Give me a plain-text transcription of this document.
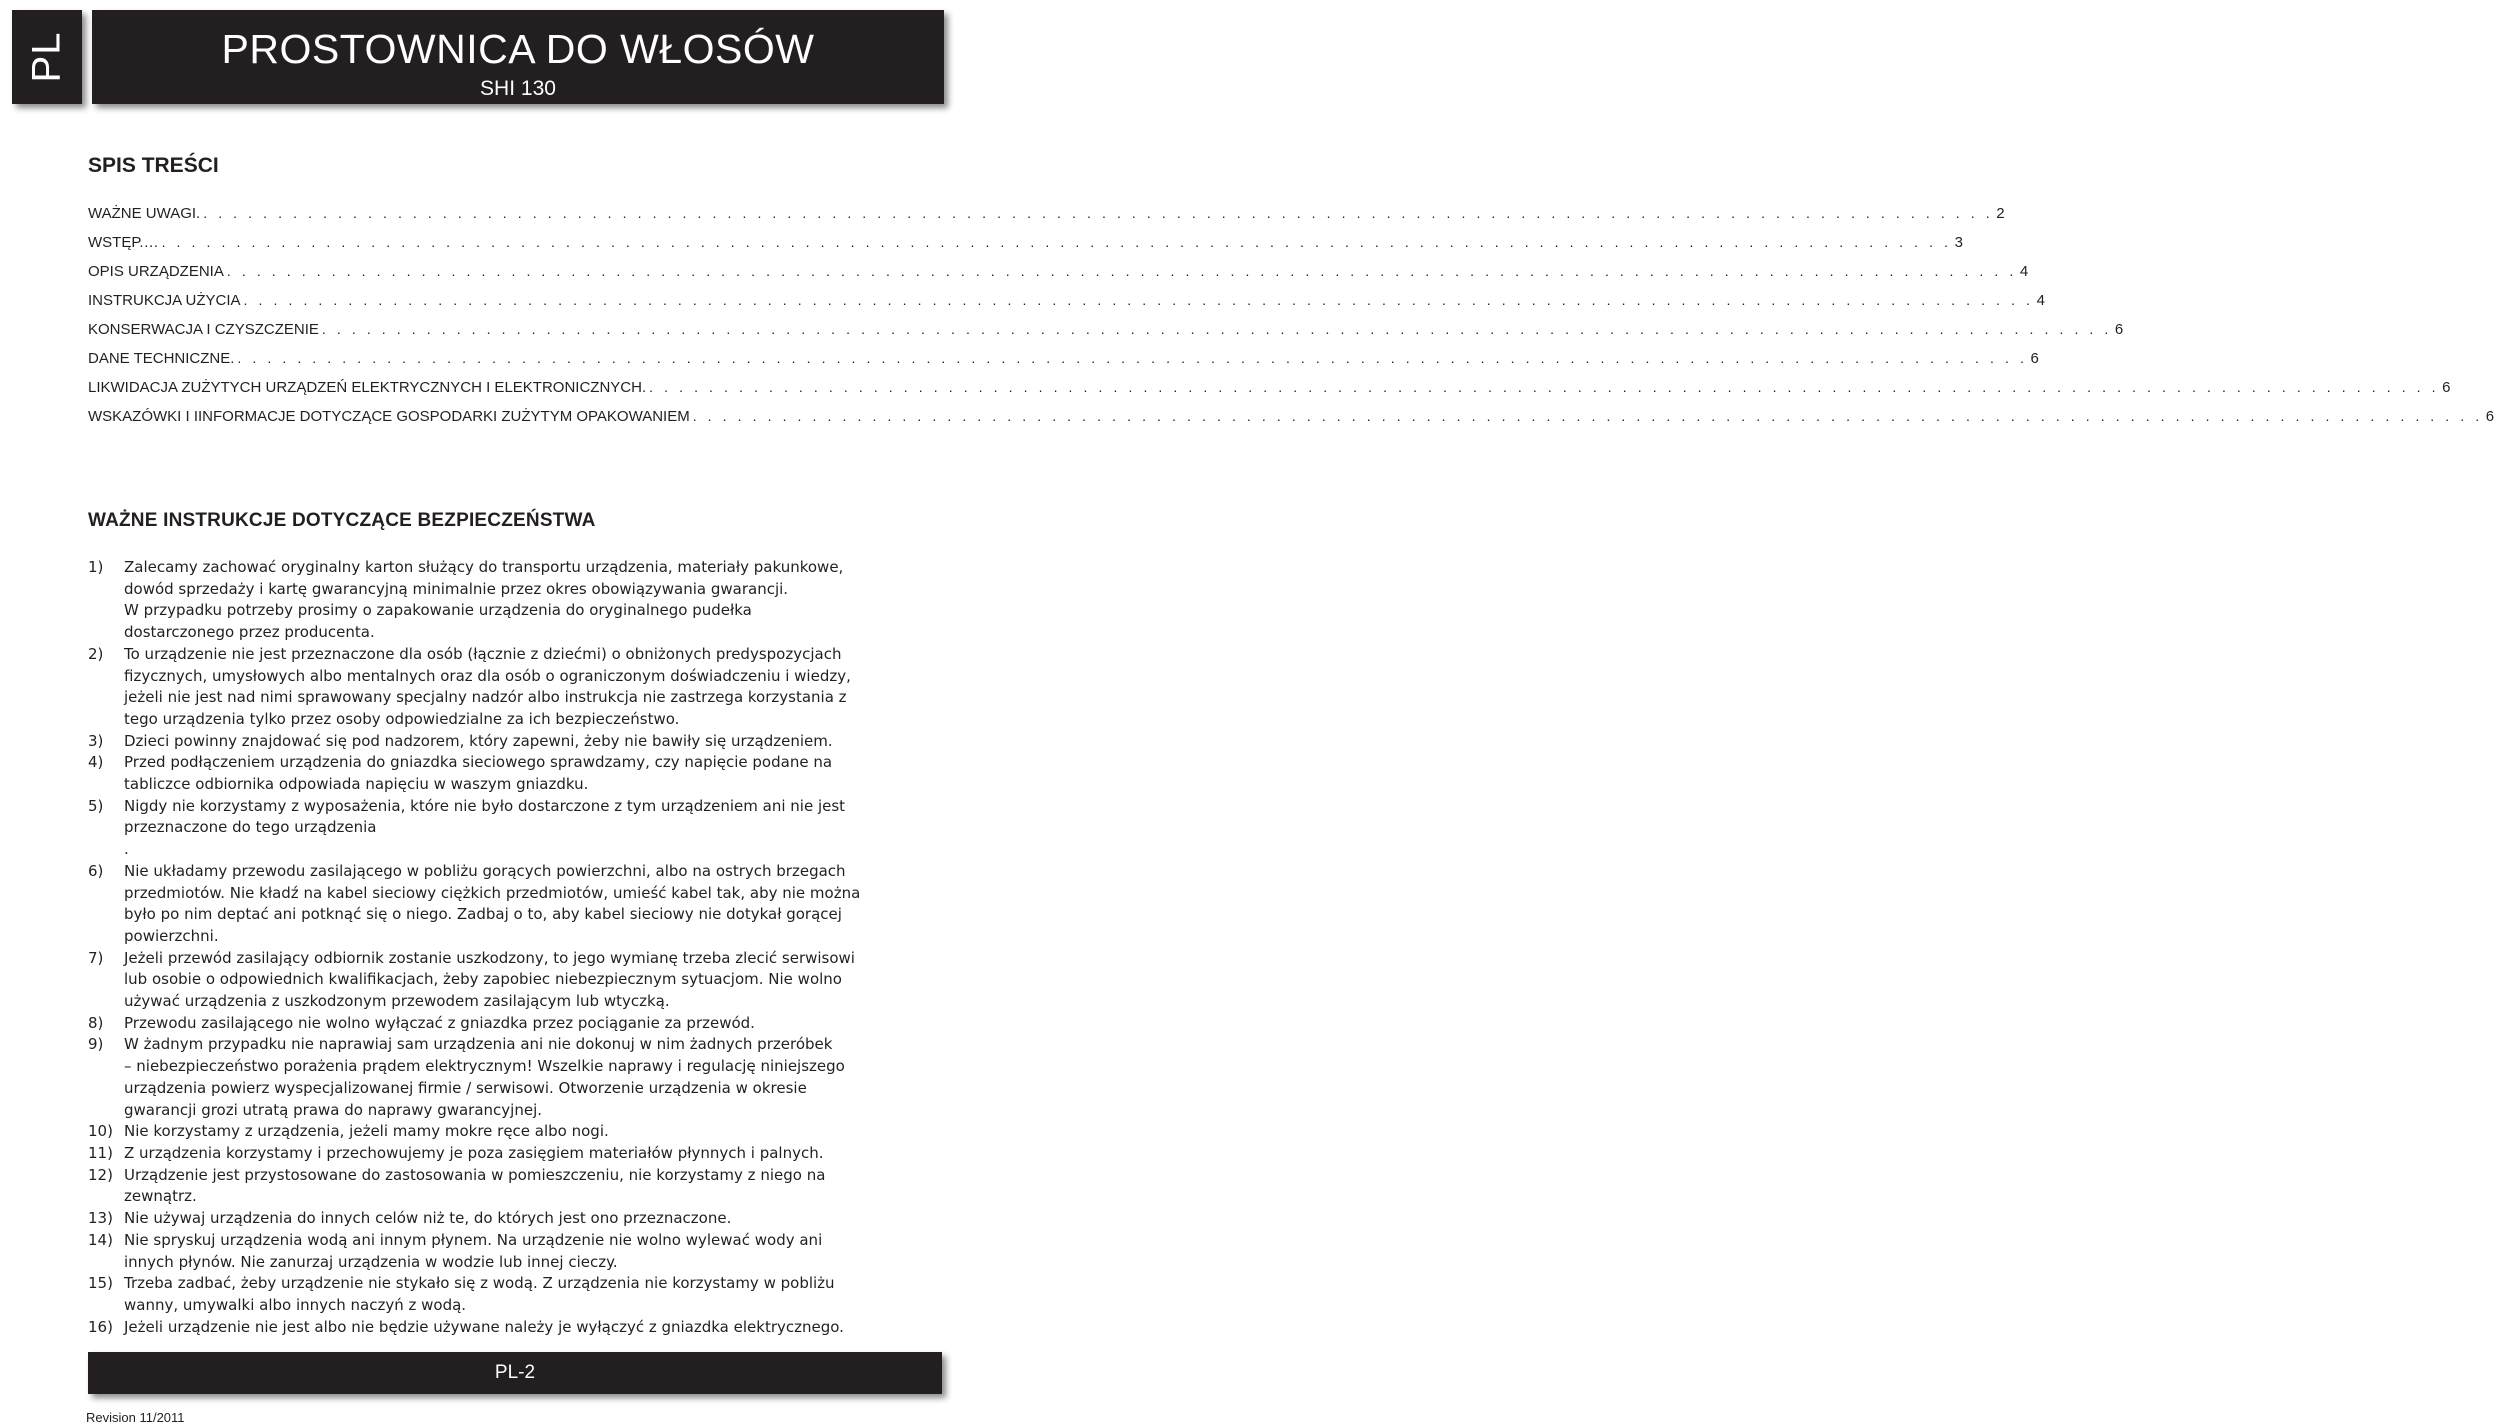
PL	PROSTOWNICA DO WŁOSÓW
SHI 130
SPIS TREŚCI
WAŻNE UWAGI. . . . . . . . . . . . . . . . . . . . . . . . . . . . . . . . . . . . . . . . . . . . . . . . . . . . . . . . . . . . . . . . . . . . . . . . . . . . . . . . . . . . . . . . . . . . . . . . . . . . . . . . . . . . . . . . . . . . . . . . . 2
WSTĘP.… . . . . . . . . . . . . . . . . . . . . . . . . . . . . . . . . . . . . . . . . . . . . . . . . . . . . . . . . . . . . . . . . . . . . . . . . . . . . . . . . . . . . . . . . . . . . . . . . . . . . . . . . . . . . . . . . . . . . . . . . 3
OPIS URZĄDZENIA . . . . . . . . . . . . . . . . . . . . . . . . . . . . . . . . . . . . . . . . . . . . . . . . . . . . . . . . . . . . . . . . . . . . . . . . . . . . . . . . . . . . . . . . . . . . . . . . . . . . . . . . . . . . . . . . . . . . . . . . 4
INSTRUKCJA UŻYCIA . . . . . . . . . . . . . . . . . . . . . . . . . . . . . . . . . . . . . . . . . . . . . . . . . . . . . . . . . . . . . . . . . . . . . . . . . . . . . . . . . . . . . . . . . . . . . . . . . . . . . . . . . . . . . . . . . . . . . . . . 4
KONSERWACJA I CZYSZCZENIE . . . . . . . . . . . . . . . . . . . . . . . . . . . . . . . . . . . . . . . . . . . . . . . . . . . . . . . . . . . . . . . . . . . . . . . . . . . . . . . . . . . . . . . . . . . . . . . . . . . . . . . . . . . . . . . . . . . . . . . . 6
DANE TECHNICZNE. . . . . . . . . . . . . . . . . . . . . . . . . . . . . . . . . . . . . . . . . . . . . . . . . . . . . . . . . . . . . . . . . . . . . . . . . . . . . . . . . . . . . . . . . . . . . . . . . . . . . . . . . . . . . . . . . . . . . . . . . 6
LIKWIDACJA ZUŻYTYCH URZĄDZEŃ ELEKTRYCZNYCH I ELEKTRONICZNYCH. . . . . . . . . . . . . . . . . . . . . . . . . . . . . . . . . . . . . . . . . . . . . . . . . . . . . . . . . . . . . . . . . . . . . . . . . . . . . . . . . . . . . . . . . . . . . . . . . . . . . . . . . . . . . . . . . . . . . . . . . 6
WSKAZÓWKI I IINFORMACJE DOTYCZĄCE GOSPODARKI ZUŻYTYM OPAKOWANIEM . . . . . . . . . . . . . . . . . . . . . . . . . . . . . . . . . . . . . . . . . . . . . . . . . . . . . . . . . . . . . . . . . . . . . . . . . . . . . . . . . . . . . . . . . . . . . . . . . . . . . . . . . . . . . . . . . . . . . . . . 6
WAŻNE INSTRUKCJE DOTYCZĄCE BEZPIECZEŃSTWA
1)	Zalecamy zachować oryginalny karton służący do transportu urządzenia, materiały pakunkowe,
dowód sprzedaży i kartę gwarancyjną minimalnie przez okres obowiązywania gwarancji.
W przypadku potrzeby prosimy o zapakowanie urządzenia do oryginalnego pudełka
dostarczonego przez producenta.
2)	To urządzenie nie jest przeznaczone dla osób (łącznie z dziećmi) o obniżonych predyspozycjach
fizycznych, umysłowych albo mentalnych oraz dla osób o ograniczonym doświadczeniu i wiedzy,
jeżeli nie jest nad nimi sprawowany specjalny nadzór albo instrukcja nie zastrzega korzystania z
tego urządzenia tylko przez osoby odpowiedzialne za ich bezpieczeństwo.
3)	Dzieci powinny znajdować się pod nadzorem, który zapewni, żeby nie bawiły się urządzeniem.
4)	Przed podłączeniem urządzenia do gniazdka sieciowego sprawdzamy, czy napięcie podane na
tabliczce odbiornika odpowiada napięciu w waszym gniazdku.
5)	Nigdy nie korzystamy z wyposażenia, które nie było dostarczone z tym urządzeniem ani nie jest
przeznaczone do tego urządzenia
.
6)	Nie układamy przewodu zasilającego w pobliżu gorących powierzchni, albo na ostrych brzegach
przedmiotów. Nie kładź na kabel sieciowy ciężkich przedmiotów, umieść kabel tak, aby nie można
było po nim deptać ani potknąć się o niego. Zadbaj o to, aby kabel sieciowy nie dotykał gorącej
powierzchni.
7)	Jeżeli przewód zasilający odbiornik zostanie uszkodzony, to jego wymianę trzeba zlecić serwisowi
lub osobie o odpowiednich kwalifikacjach, żeby zapobiec niebezpiecznym sytuacjom. Nie wolno
używać urządzenia z uszkodzonym przewodem zasilającym lub wtyczką.
8)	Przewodu zasilającego nie wolno wyłączać z gniazdka przez pociąganie za przewód.
9)	W żadnym przypadku nie naprawiaj sam urządzenia ani nie dokonuj w nim żadnych przeróbek
– niebezpieczeństwo porażenia prądem elektrycznym! Wszelkie naprawy i regulację niniejszego
urządzenia powierz wyspecjalizowanej firmie / serwisowi. Otworzenie urządzenia w okresie
gwarancji grozi utratą prawa do naprawy gwarancyjnej.
10) Nie korzystamy z urządzenia, jeżeli mamy mokre ręce albo nogi.
11) Z urządzenia korzystamy i przechowujemy je poza zasięgiem materiałów płynnych i palnych.
12) Urządzenie jest przystosowane do zastosowania w pomieszczeniu, nie korzystamy z niego na
zewnątrz.
13) Nie używaj urządzenia do innych celów niż te, do których jest ono przeznaczone.
14) Nie spryskuj urządzenia wodą ani innym płynem. Na urządzenie nie wolno wylewać wody ani
innych płynów. Nie zanurzaj urządzenia w wodzie lub innej cieczy.
15) Trzeba zadbać, żeby urządzenie nie stykało się z wodą. Z urządzenia nie korzystamy w pobliżu
wanny, umywalki albo innych naczyń z wodą.
16) Jeżeli urządzenie nie jest albo nie będzie używane należy je wyłączyć z gniazdka elektrycznego.
PL-2
Revision 11/2011
